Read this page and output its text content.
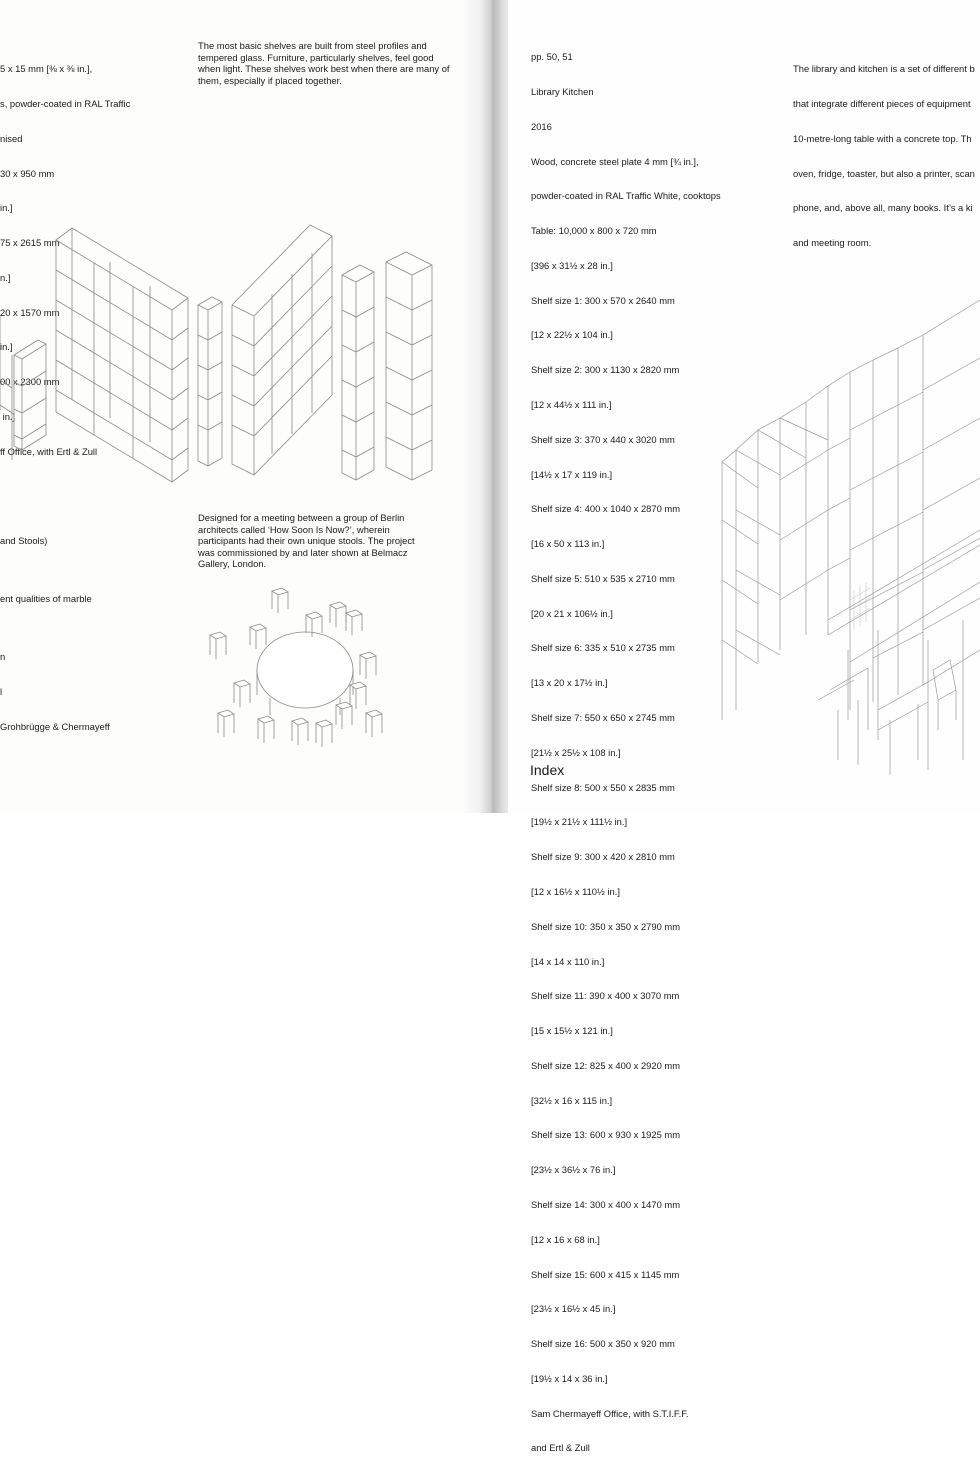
5 x 15 mm [⅜ x ⅜ in.],

s, powder-coated in RAL Traffic

nised

30 x 950 mm

in.]

75 x 2615 mm

n.]

20 x 1570 mm

in.]

00 x 2300 mm

in.]

ff Office, with Ertl & Zull

The most basic shelves are built from steel profiles and tempered glass. Furniture, particularly shelves, feel good when light. These shelves work best when there are many of them, especially if placed together.

and Stools)

ent qualities of marble

n

l

Grohbrügge & Chermayeff

Designed for a meeting between a group of Berlin architects called ‘How Soon Is Now?’, wherein participants had their own unique stools. The project was commissioned by and later shown at Belmacz Gallery, London.

pp. 50, 51

Library Kitchen

2016

Wood, concrete steel plate 4 mm [¾ in.],

powder-coated in RAL Traffic White, cooktops

Table: 10,000 x 800 x 720 mm

[396 x 31½ x 28 in.]

Shelf size 1: 300 x 570 x 2640 mm

[12 x 22½ x 104 in.]

Shelf size 2: 300 x 1130 x 2820 mm

[12 x 44½ x 111 in.]

Shelf size 3: 370 x 440 x 3020 mm

[14½ x 17 x 119 in.]

Shelf size 4: 400 x 1040 x 2870 mm

[16 x 50 x 113 in.]

Shelf size 5: 510 x 535 x 2710 mm

[20 x 21 x 106½ in.]

Shelf size 6: 335 x 510 x 2735 mm

[13 x 20 x 17½ in.]

Shelf size 7: 550 x 650 x 2745 mm

[21½ x 25½ x 108 in.]

Shelf size 8: 500 x 550 x 2835 mm

[19½ x 21½ x 111½ in.]

Shelf size 9: 300 x 420 x 2810 mm

[12 x 16½ x 110½ in.]

Shelf size 10: 350 x 350 x 2790 mm

[14 x 14 x 110 in.]

Shelf size 11: 390 x 400 x 3070 mm

[15 x 15½ x 121 in.]

Shelf size 12: 825 x 400 x 2920 mm

[32½ x 16 x 115 in.]

Shelf size 13: 600 x 930 x 1925 mm

[23½ x 36½ x 76 in.]

Shelf size 14: 300 x 400 x 1470 mm

[12 x 16 x 68 in.]

Shelf size 15: 600 x 415 x 1145 mm

[23½ x 16½ x 45 in.]

Shelf size 16: 500 x 350 x 920 mm

[19½ x 14 x 36 in.]

Sam Chermayeff Office, with S.T.I.F.F.

and Ertl & Zull

The library and kitchen is a set of different b

that integrate different pieces of equipment

10-metre-long table with a concrete top. Th

oven, fridge, toaster, but also a printer, scan

phone, and, above all, many books. It’s a ki

and meeting room.

Index
